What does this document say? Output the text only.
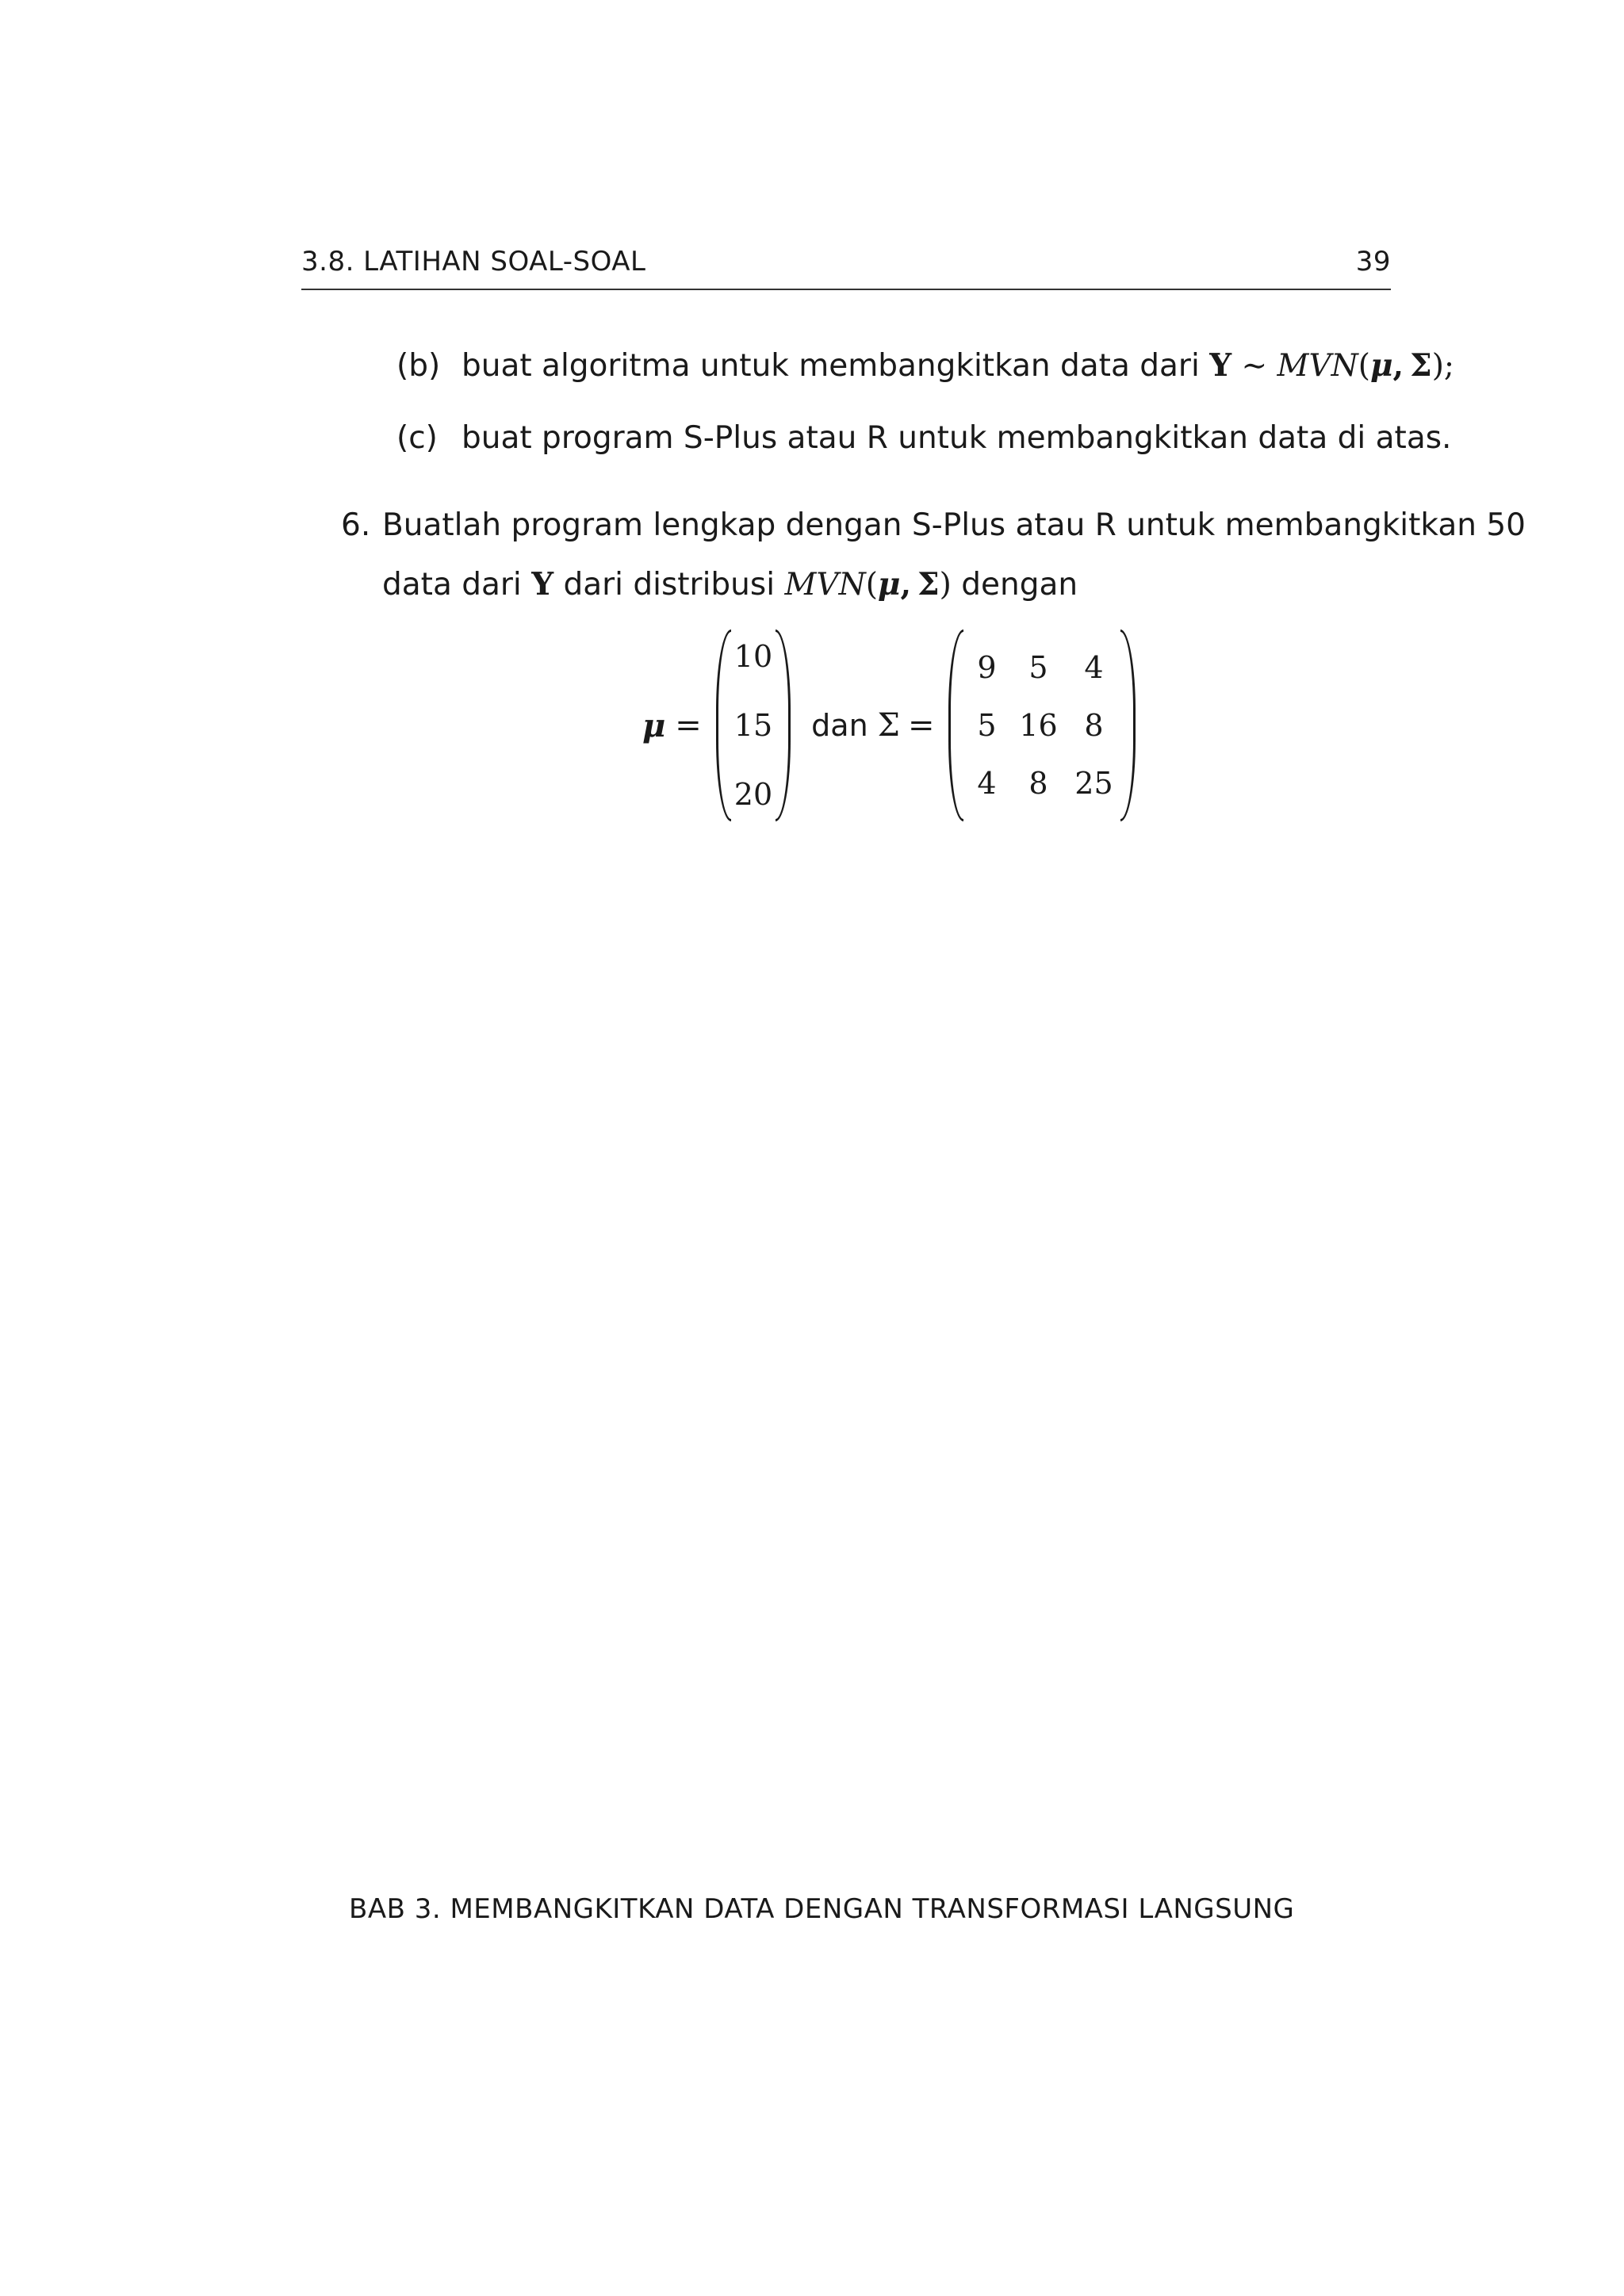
3.8. LATIHAN SOAL-SOAL	39
(b) buat algoritma untuk membangkitkan data dari Y ∼ MVN(μ, Σ);
(c) buat program S-Plus atau R untuk membangkitkan data di atas.
6. Buatlah program lengkap dengan S-Plus atau R untuk membangkitkan 50
data dari Y dari distribusi MVN(μ, Σ) dengan
μ =
10
15
20
dan Σ =
9	5	4
5 16 8
4	8 25
BAB 3. MEMBANGKITKAN DATA DENGAN TRANSFORMASI LANGSUNG
